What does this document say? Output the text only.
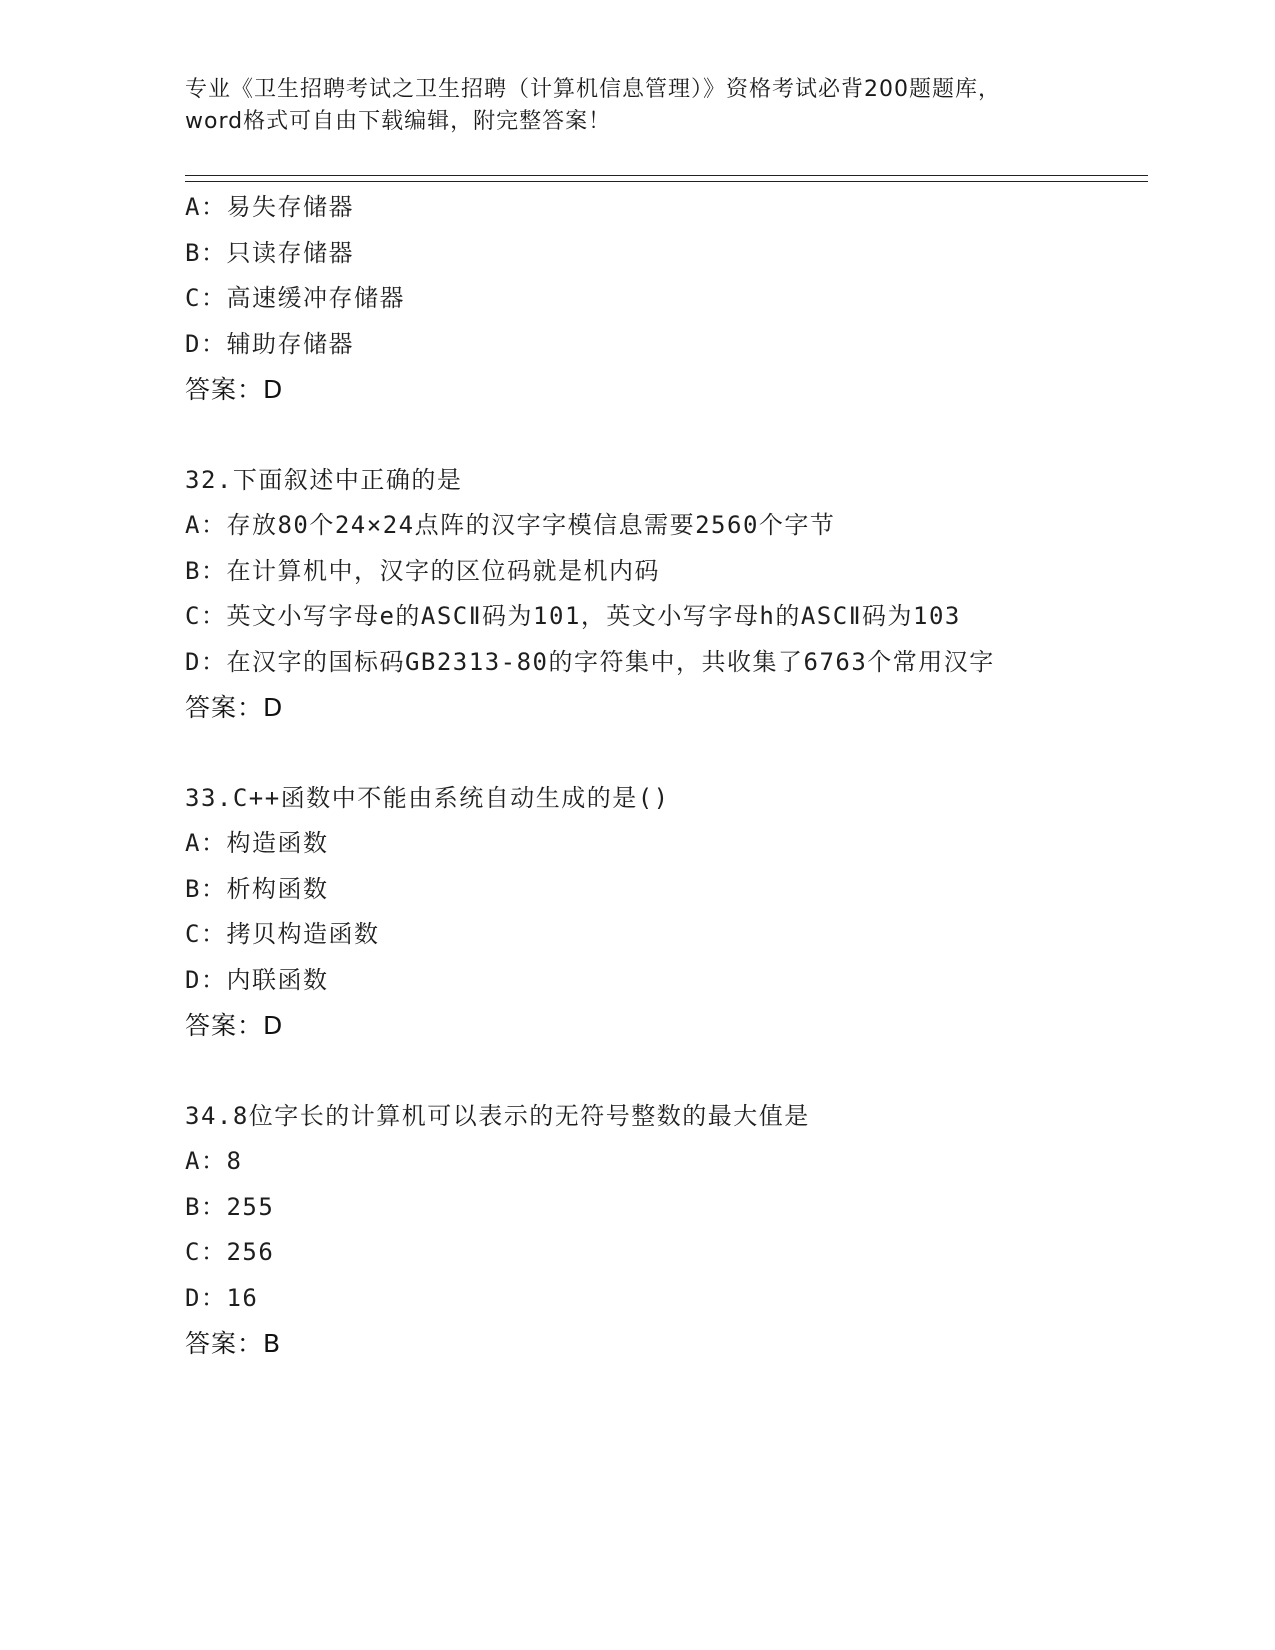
专业《卫生招聘考试之卫生招聘（计算机信息管理）》资格考试必背200题题库，
word格式可自由下载编辑，附完整答案！
A：易失存储器
B：只读存储器
C：高速缓冲存储器
D：辅助存储器
答案：D
32.下面叙述中正确的是
A：存放80个24×24点阵的汉字字模信息需要2560个字节
B：在计算机中，汉字的区位码就是机内码
C：英文小写字母e的ASCⅡ码为101，英文小写字母h的ASCⅡ码为103
D：在汉字的国标码GB2313-80的字符集中，共收集了6763个常用汉字
答案：D
33.C++函数中不能由系统自动生成的是()
A：构造函数
B：析构函数
C：拷贝构造函数
D：内联函数
答案：D
34.8位字长的计算机可以表示的无符号整数的最大值是
A：8
B：255
C：256
D：16
答案：B
